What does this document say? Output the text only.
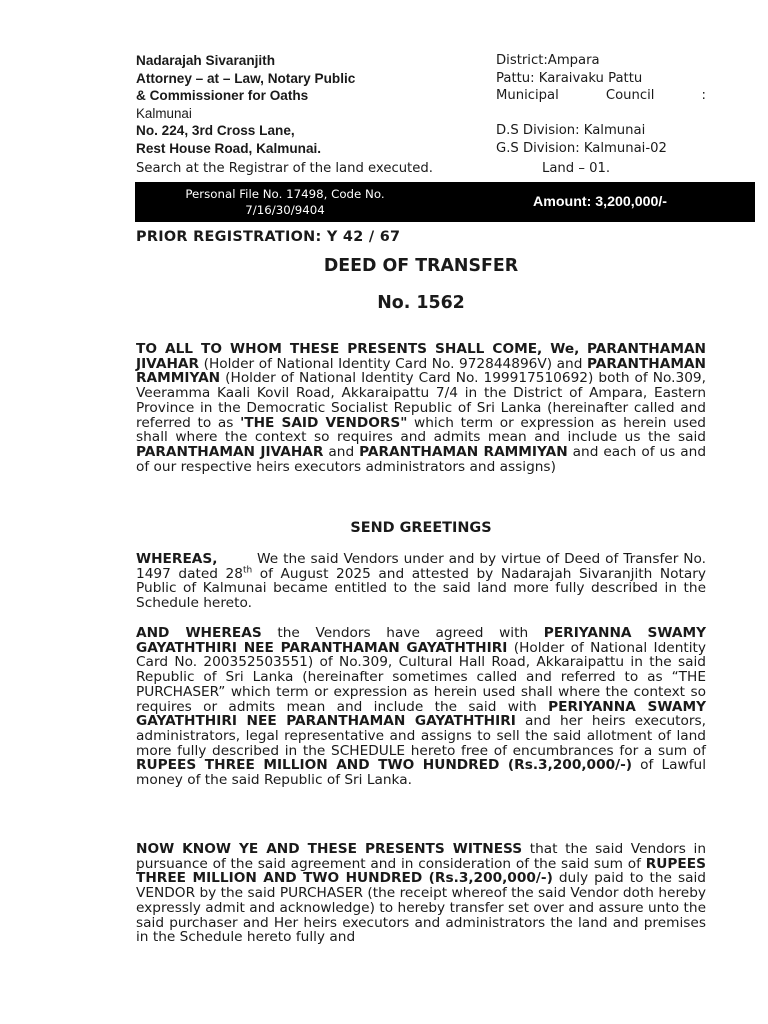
Nadarajah Sivaranjith
Attorney – at – Law, Notary Public
& Commissioner for Oaths
Kalmunai
No. 224, 3rd Cross Lane,
Rest House Road, Kalmunai.
District:Ampara
Pattu: Karaivaku Pattu
Municipal	Council	:

D.S Division: Kalmunai
G.S Division: Kalmunai-02
Search at the Registrar of the land executed.	Land – 01.
Personal File No. 17498, Code No.
7/16/30/9404	Amount: 3,200,000/-
PRIOR REGISTRATION: Y 42 / 67
DEED OF TRANSFER
No. 1562
TO ALL TO WHOM THESE PRESENTS SHALL COME, We, PARANTHAMAN JIVAHAR (Holder of National Identity Card No. 972844896V) and PARANTHAMAN RAMMIYAN (Holder of National Identity Card No. 199917510692) both of No.309, Veeramma Kaali Kovil Road, Akkaraipattu 7/4 in the District of Ampara, Eastern Province in the Democratic Socialist Republic of Sri Lanka (hereinafter called and referred to as 'THE SAID VENDORS" which term or expression as herein used shall where the context so requires and admits mean and include us the said PARANTHAMAN JIVAHAR and PARANTHAMAN RAMMIYAN and each of us and of our respective heirs executors administrators and assigns)
SEND GREETINGS
WHEREAS,        We the said Vendors under and by virtue of Deed of Transfer No. 1497 dated 28th of August 2025 and attested by Nadarajah Sivaranjith Notary Public of Kalmunai became entitled to the said land more fully described in the Schedule hereto.
AND WHEREAS the Vendors have agreed with PERIYANNA SWAMY GAYATHTHIRI NEE PARANTHAMAN GAYATHTHIRI (Holder of National Identity Card No. 200352503551) of No.309, Cultural Hall Road, Akkaraipattu in the said Republic of Sri Lanka (hereinafter sometimes called and referred to as “THE PURCHASER” which term or expression as herein used shall where the context so requires or admits mean and include the said with PERIYANNA SWAMY GAYATHTHIRI NEE PARANTHAMAN GAYATHTHIRI and her heirs executors, administrators, legal representative and assigns to sell the said allotment of land more fully described in the SCHEDULE hereto free of encumbrances for a sum of RUPEES THREE MILLION AND TWO HUNDRED (Rs.3,200,000/-) of Lawful money of the said Republic of Sri Lanka.
NOW KNOW YE AND THESE PRESENTS WITNESS that the said Vendors in pursuance of the said agreement and in consideration of the said sum of RUPEES THREE MILLION AND TWO HUNDRED (Rs.3,200,000/-) duly paid to the said VENDOR by the said PURCHASER (the receipt whereof the said Vendor doth hereby expressly admit and acknowledge) to hereby transfer set over and assure unto the said purchaser and Her heirs executors and administrators the land and premises in the Schedule hereto fully and
